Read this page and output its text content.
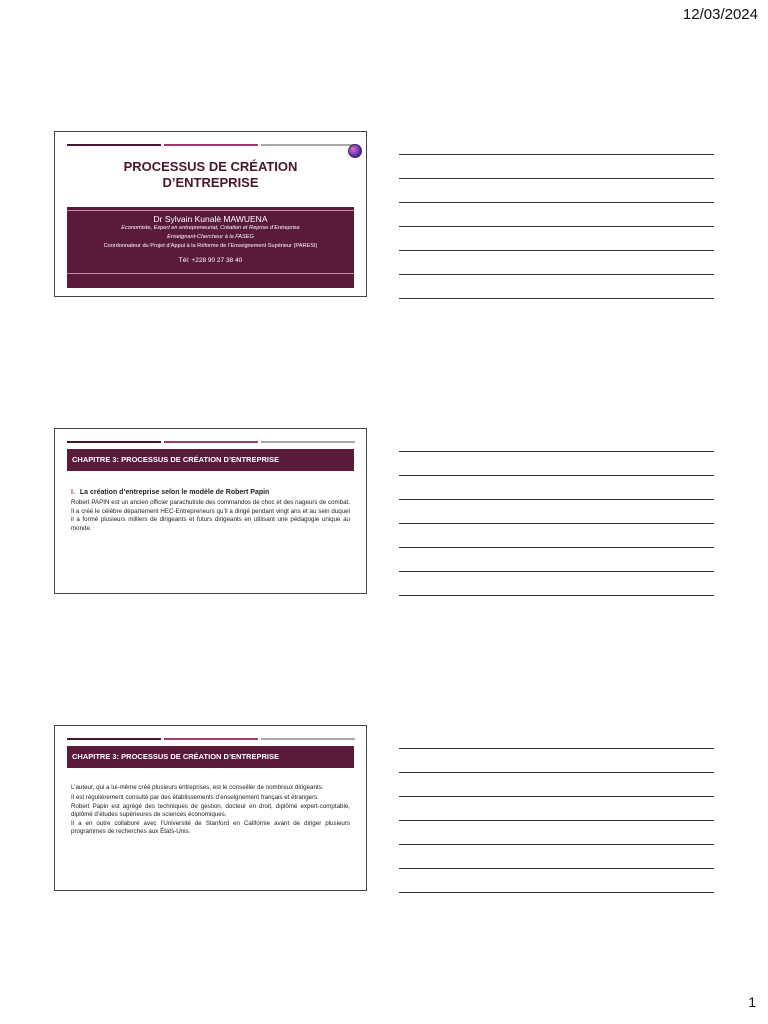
12/03/2024
PROCESSUS DE CRÉATION
D’ENTREPRISE
Dr Sylvain Kunalè MAWUENA
Economiste, Expert en entrepreneuriat, Création et Reprise d’Entreprise
Enseignant-Chercheur à la FASEG
Coordonnateur du Projet d’Appui à la Réforme de l’Enseignement Supérieur (PARESI)
Tél: +228 90 27 38 40
CHAPITRE 3: PROCESSUS DE CRÉATION D’ENTREPRISE
I. La création d’entreprise selon le modèle de Robert Papin
Robert PAPIN est un ancien officier parachutiste des commandos de choc et des nageurs de combat. Il a créé le célèbre département HEC-Entrepreneurs qu’il a dirigé pendant vingt ans et au sein duquel il a formé plusieurs milliers de dirigeants et futurs dirigeants en utilisant une pédagogie unique au monde.
CHAPITRE 3: PROCESSUS DE CRÉATION D’ENTREPRISE

L’auteur, qui a lui-même créé plusieurs entreprises, est le conseiller de nombreux dirigeants.

Il est régulièrement consulté par des établissements d’enseignement français et étrangers.

Robert Papin est agrégé des techniques de gestion, docteur en droit, diplômé expert-comptable, diplômé d’études supérieures de sciences économiques.

Il a en outre collaboré avec l’Université de Stanford en Californie avant de diriger plusieurs programmes de recherches aux États-Unis.

1
